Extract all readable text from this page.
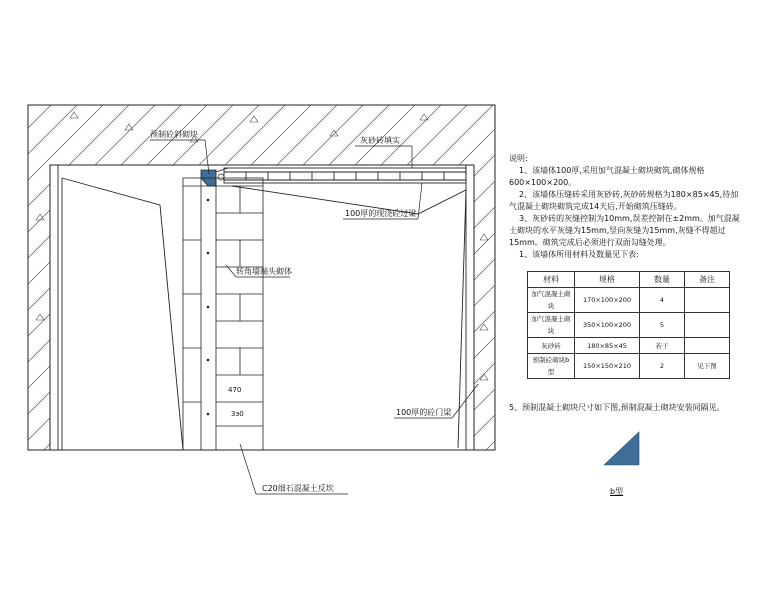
预制砼斜砌块
灰砂砖填实
100厚的现浇砼过梁
转角墙端头砌体
100厚的砼门梁
C20细石混凝土反坎
470
3э0

说明:

1、该墙体100厚,采用加气混凝土砌块砌筑,砌体规格600×100×200。

2、该墙体压缝砖采用灰砂砖,灰砂砖规格为180×85×45,待加气混凝土砌块砌筑完成14天后,开始砌筑压缝砖。

3、灰砂砖的灰缝控制为10mm,误差控制在±2mm。加气混凝土砌块的水平灰缝为15mm,竖向灰缝为15mm,灰缝不得超过15mm。砌筑完成后必须进行双面勾缝处理。

1、该墙体所用材料及数量见下表:

材料	规格	数量	备注
加气混凝土砌块	170×100×200	4	
加气混凝土砌块	350×100×200	5	
灰砂砖	180×85×45	若干	
预制砼砌块b型	150×150×210	2	见下图

5、预制混凝土砌块尺寸如下图,预制混凝土砌块安装间隔见。

b型
